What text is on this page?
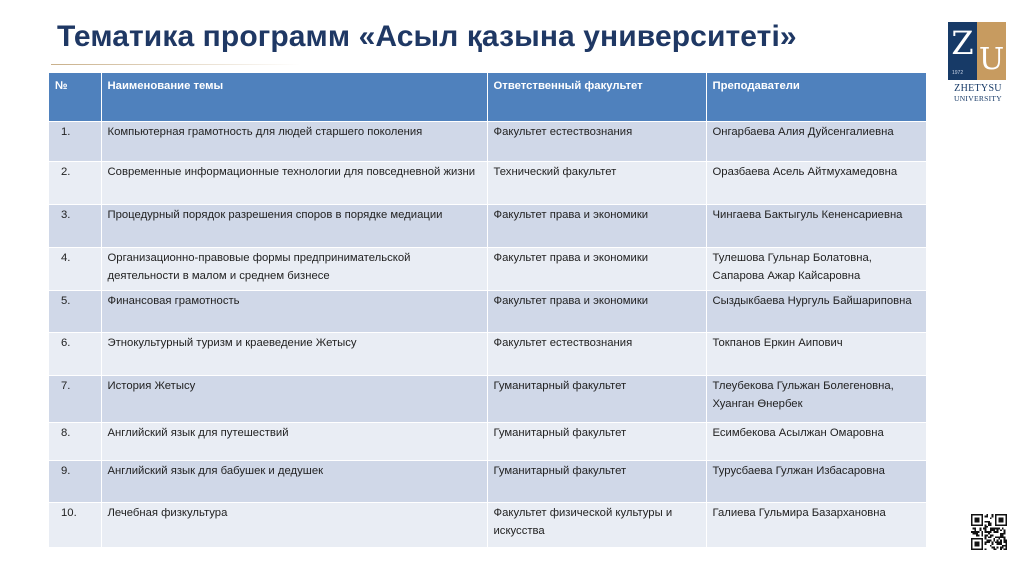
Тематика программ «Асыл қазына университеті»	Z U
1972
ZHETYSU
UNIVERSITY
№	Наименование темы	Ответственный факультет	Преподаватели
1.	Компьютерная грамотность для людей старшего поколения	Факультет естествознания	Онгарбаева Алия Дуйсенгалиевна
2.	Современные информационные технологии для повседневной жизни	Технический факультет	Оразбаева Асель Айтмухамедовна
3.	Процедурный порядок разрешения споров в порядке медиации	Факультет права и экономики	Чингаева Бактыгуль Кененсариевна
4.	Организационно-правовые формы предпринимательской деятельности в малом и среднем бизнесе	Факультет права и экономики	Тулешова Гульнар Болатовна, Сапарова Ажар Кайсаровна
5.	Финансовая грамотность	Факультет права и экономики	Сыздыкбаева Нургуль Байшариповна
6.	Этнокультурный туризм и краеведение Жетысу	Факультет естествознания	Токпанов Еркин Аипович
7.	История Жетысу	Гуманитарный факультет	Тлеубекова Гульжан Болегеновна, Хуанган Өнербек
8.	Английский язык для путешествий	Гуманитарный факультет	Есимбекова Асылжан Омаровна
9.	Английский язык для бабушек и дедушек	Гуманитарный факультет	Турусбаева Гулжан Избасаровна
10.	Лечебная физкультура	Факультет физической культуры и искусства	Галиева Гульмира Базархановна
